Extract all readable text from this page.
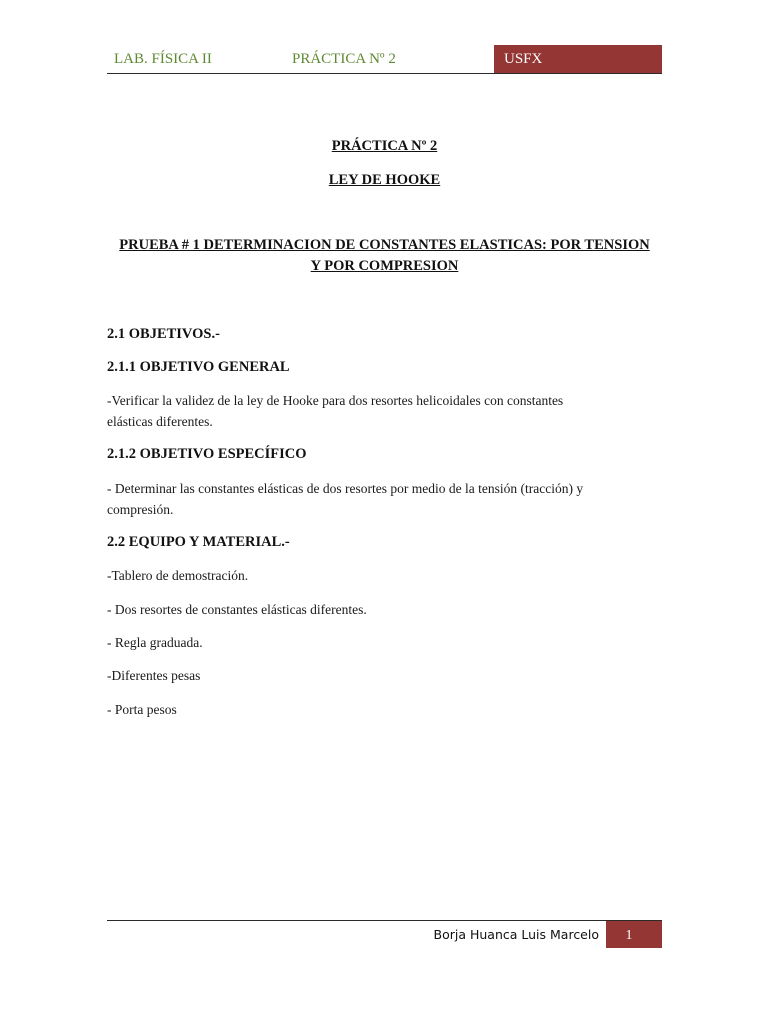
LAB. FÍSICA II	PRÁCTICA Nº 2	USFX
PRÁCTICA Nº 2
LEY DE HOOKE
PRUEBA # 1 DETERMINACION DE CONSTANTES ELASTICAS: POR TENSION
Y POR COMPRESION
2.1 OBJETIVOS.-
2.1.1 OBJETIVO GENERAL
-Verificar la validez de la ley de Hooke para dos resortes helicoidales con constantes
elásticas diferentes.
2.1.2 OBJETIVO ESPECÍFICO
- Determinar las constantes elásticas de dos resortes por medio de la tensión (tracción) y
compresión.
2.2 EQUIPO Y MATERIAL.-
-Tablero de demostración.
- Dos resortes de constantes elásticas diferentes.
- Regla graduada.
-Diferentes pesas
- Porta pesos
Borja Huanca Luis Marcelo	1
